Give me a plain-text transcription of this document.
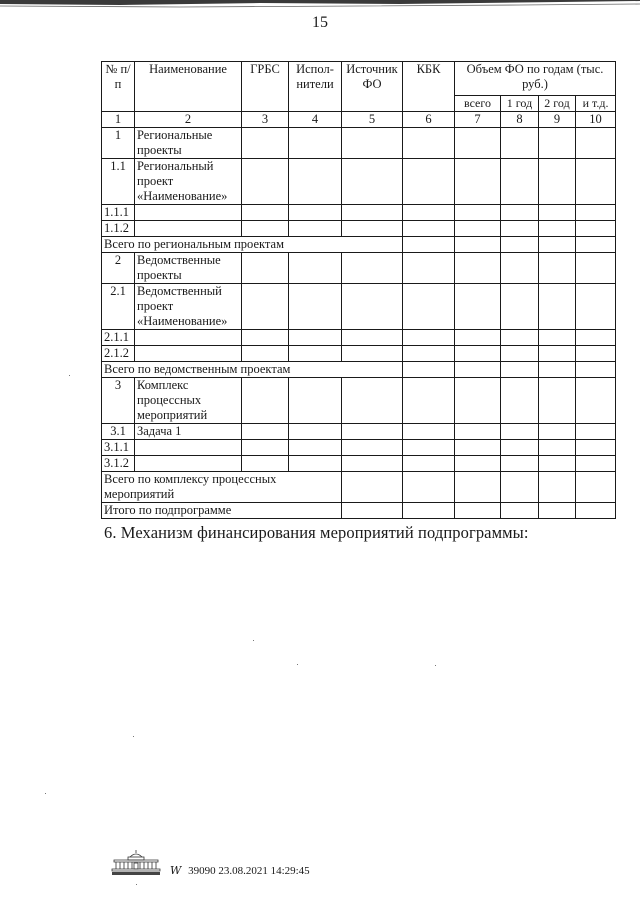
15
№ п/п	Наименование	ГРБС	Испол-нители	Источник ФО	КБК	Объем ФО по годам (тыс. руб.)			
						всего	1 год	2 год	и т.д.
1	2	3	4	5	6	7	8	9	10
1	Региональные проекты								
1.1	Региональный проект «Наименование»								
1.1.1									
1.1.2									
Всего по региональным проектам									
2	Ведомственные проекты								
2.1	Ведомственный проект «Наименование»								
2.1.1									
2.1.2									
Всего по ведомственным проектам									
3	Комплекс процессных мероприятий								
3.1	Задача 1								
3.1.1									
3.1.2									
Всего по комплексу процессных мероприятий									
Итого по подпрограмме									
6. Механизм финансирования мероприятий подпрограммы:
W 39090 23.08.2021 14:29:45
